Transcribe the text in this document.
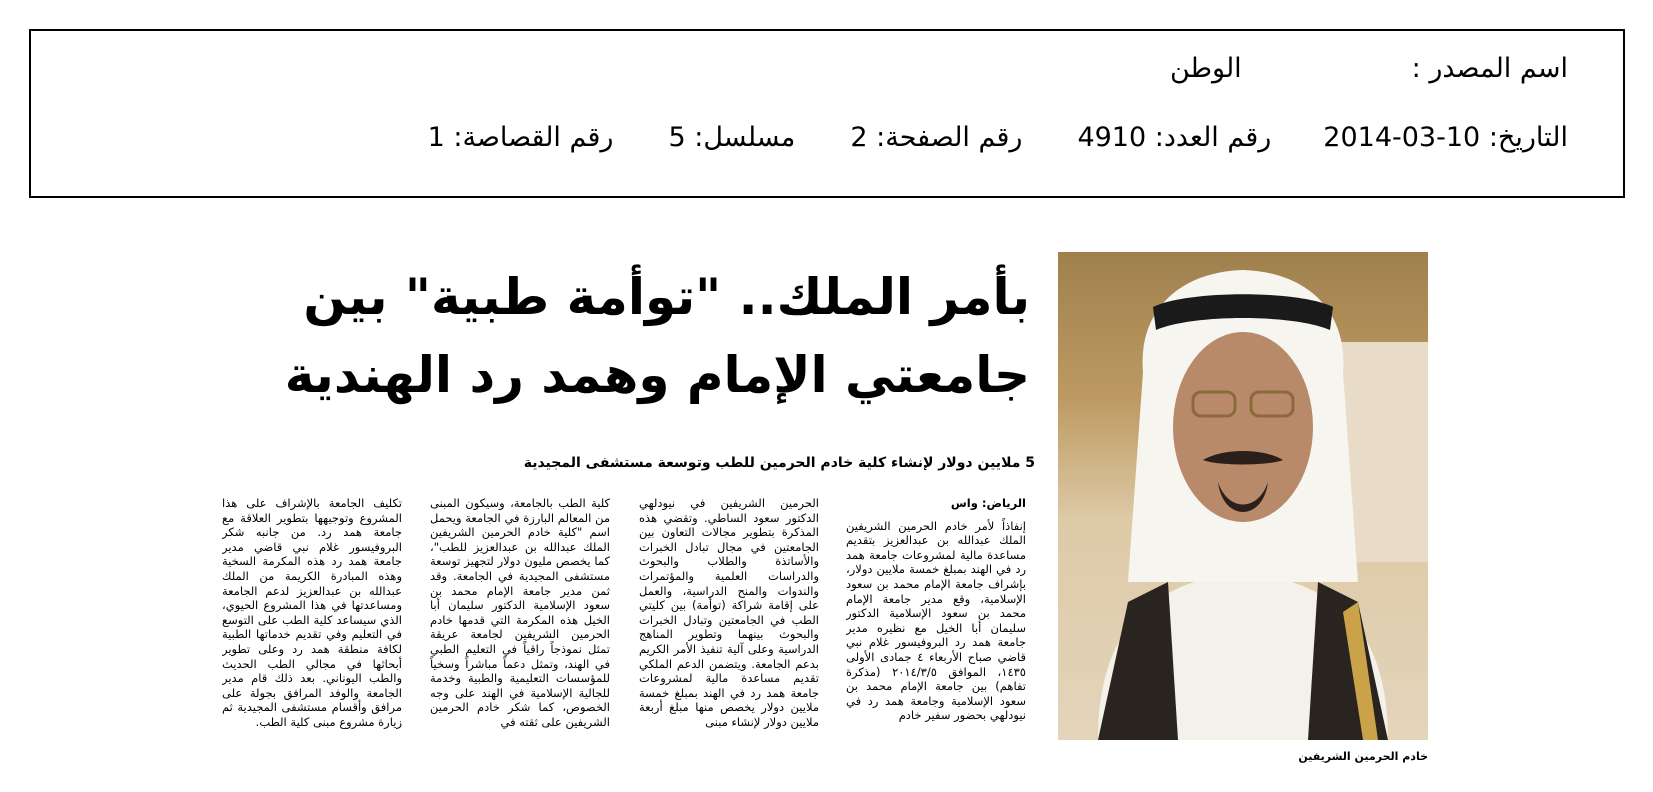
اسم المصدر :الوطن
التاريخ: 2014-03-10رقم العدد: 4910رقم الصفحة: 2مسلسل: 5رقم القصاصة: 1
خادم الحرمين الشريفين
بأمر الملك.. "توأمة طبية" بين جامعتي الإمام وهمد رد الهندية
5 ملايين دولار لإنشاء كلية خادم الحرمين للطب وتوسعة مستشفى المجيدية
الرياض: واس
إنفاذاً لأمر خادم الحرمين الشريفين الملك عبدالله بن عبدالعزيز بتقديم مساعدة مالية لمشروعات جامعة همد رد في الهند بمبلغ خمسة ملايين دولار، بإشراف جامعة الإمام محمد بن سعود الإسلامية، وقع مدير جامعة الإمام محمد بن سعود الإسلامية الدكتور سليمان أبا الخيل مع نظيره مدير جامعة همد رد البروفيسور غلام نبي قاضي صباح الأربعاء ٤ جمادى الأولى ١٤٣٥، الموافق ٢٠١٤/٣/٥ (مذكرة تفاهم) بين جامعة الإمام محمد بن سعود الإسلامية وجامعة همد رد في نيودلهي بحضور سفير خادم
الحرمين الشريفين في نيودلهي الدكتور سعود الساطي. وتقضي هذه المذكرة بتطوير مجالات التعاون بين الجامعتين في مجال تبادل الخبرات والأساتذة والطلاب والبحوث والدراسات العلمية والمؤتمرات والندوات والمنح الدراسية، والعمل على إقامة شراكة (توأمة) بين كليتي الطب في الجامعتين وتبادل الخبرات والبحوث بينهما وتطوير المناهج الدراسية وعلى آلية تنفيذ الأمر الكريم بدعم الجامعة. ويتضمن الدعم الملكي تقديم مساعدة مالية لمشروعات جامعة همد رد في الهند بمبلغ خمسة ملايين دولار يخصص منها مبلغ أربعة ملايين دولار لإنشاء مبنى
كلية الطب بالجامعة، وسيكون المبنى من المعالم البارزة في الجامعة ويحمل اسم "كلية خادم الحرمين الشريفين الملك عبدالله بن عبدالعزيز للطب"، كما يخصص مليون دولار لتجهيز توسعة مستشفى المجيدية في الجامعة. وقد ثمن مدير جامعة الإمام محمد بن سعود الإسلامية الدكتور سليمان أبا الخيل هذه المكرمة التي قدمها خادم الحرمين الشريفين لجامعة عريقة تمثل نموذجاً راقياً في التعليم الطبي في الهند، وتمثل دعماً مباشراً وسخياً للمؤسسات التعليمية والطبية وخدمة للجالية الإسلامية في الهند على وجه الخصوص، كما شكر خادم الحرمين الشريفين على ثقته في
تكليف الجامعة بالإشراف على هذا المشروع وتوجيهها بتطوير العلاقة مع جامعة همد رد. من جانبه شكر البروفيسور غلام نبي قاضي مدير جامعة همد رد هذه المكرمة السخية وهذه المبادرة الكريمة من الملك عبدالله بن عبدالعزيز لدعم الجامعة ومساعدتها في هذا المشروع الحيوي، الذي سيساعد كلية الطب على التوسع في التعليم وفي تقديم خدماتها الطبية لكافة منطقة همد رد وعلى تطوير أبحاثها في مجالي الطب الحديث والطب اليوناني. بعد ذلك قام مدير الجامعة والوفد المرافق بجولة على مرافق وأقسام مستشفى المجيدية ثم زيارة مشروع مبنى كلية الطب.
